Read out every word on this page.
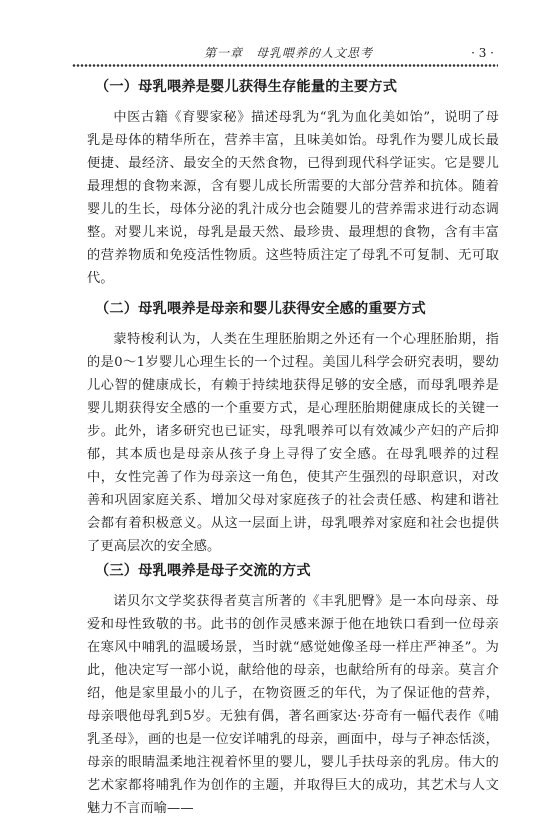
第一章　母乳喂养的人文思考	· 3 ·
（一）母乳喂养是婴儿获得生存能量的主要方式

中医古籍《育婴家秘》描述母乳为“乳为血化美如饴”，说明了母乳是母体的精华所在，营养丰富，且味美如饴。母乳作为婴儿成长最便捷、最经济、最安全的天然食物，已得到现代科学证实。它是婴儿最理想的食物来源，含有婴儿成长所需要的大部分营养和抗体。随着婴儿的生长，母体分泌的乳汁成分也会随婴儿的营养需求进行动态调整。对婴儿来说，母乳是最天然、最珍贵、最理想的食物，含有丰富的营养物质和免疫活性物质。这些特质注定了母乳不可复制、无可取代。

（二）母乳喂养是母亲和婴儿获得安全感的重要方式

蒙特梭利认为，人类在生理胚胎期之外还有一个心理胚胎期，指的是0～1岁婴儿心理生长的一个过程。美国儿科学会研究表明，婴幼儿心智的健康成长，有赖于持续地获得足够的安全感，而母乳喂养是婴儿期获得安全感的一个重要方式，是心理胚胎期健康成长的关键一步。此外，诸多研究也已证实，母乳喂养可以有效减少产妇的产后抑郁，其本质也是母亲从孩子身上寻得了安全感。在母乳喂养的过程中，女性完善了作为母亲这一角色，使其产生强烈的母职意识，对改善和巩固家庭关系、增加父母对家庭孩子的社会责任感、构建和谐社会都有着积极意义。从这一层面上讲，母乳喂养对家庭和社会也提供了更高层次的安全感。

（三）母乳喂养是母子交流的方式

诺贝尔文学奖获得者莫言所著的《丰乳肥臀》是一本向母亲、母爱和母性致敬的书。此书的创作灵感来源于他在地铁口看到一位母亲在寒风中哺乳的温暖场景，当时就“感觉她像圣母一样庄严神圣”。为此，他决定写一部小说，献给他的母亲，也献给所有的母亲。莫言介绍，他是家里最小的儿子，在物资匮乏的年代，为了保证他的营养，母亲喂他母乳到5岁。无独有偶，著名画家达·芬奇有一幅代表作《哺乳圣母》，画的也是一位安详哺乳的母亲，画面中，母与子神态恬淡，母亲的眼睛温柔地注视着怀里的婴儿，婴儿手扶母亲的乳房。伟大的艺术家都将哺乳作为创作的主题，并取得巨大的成功，其艺术与人文魅力不言而喻——
